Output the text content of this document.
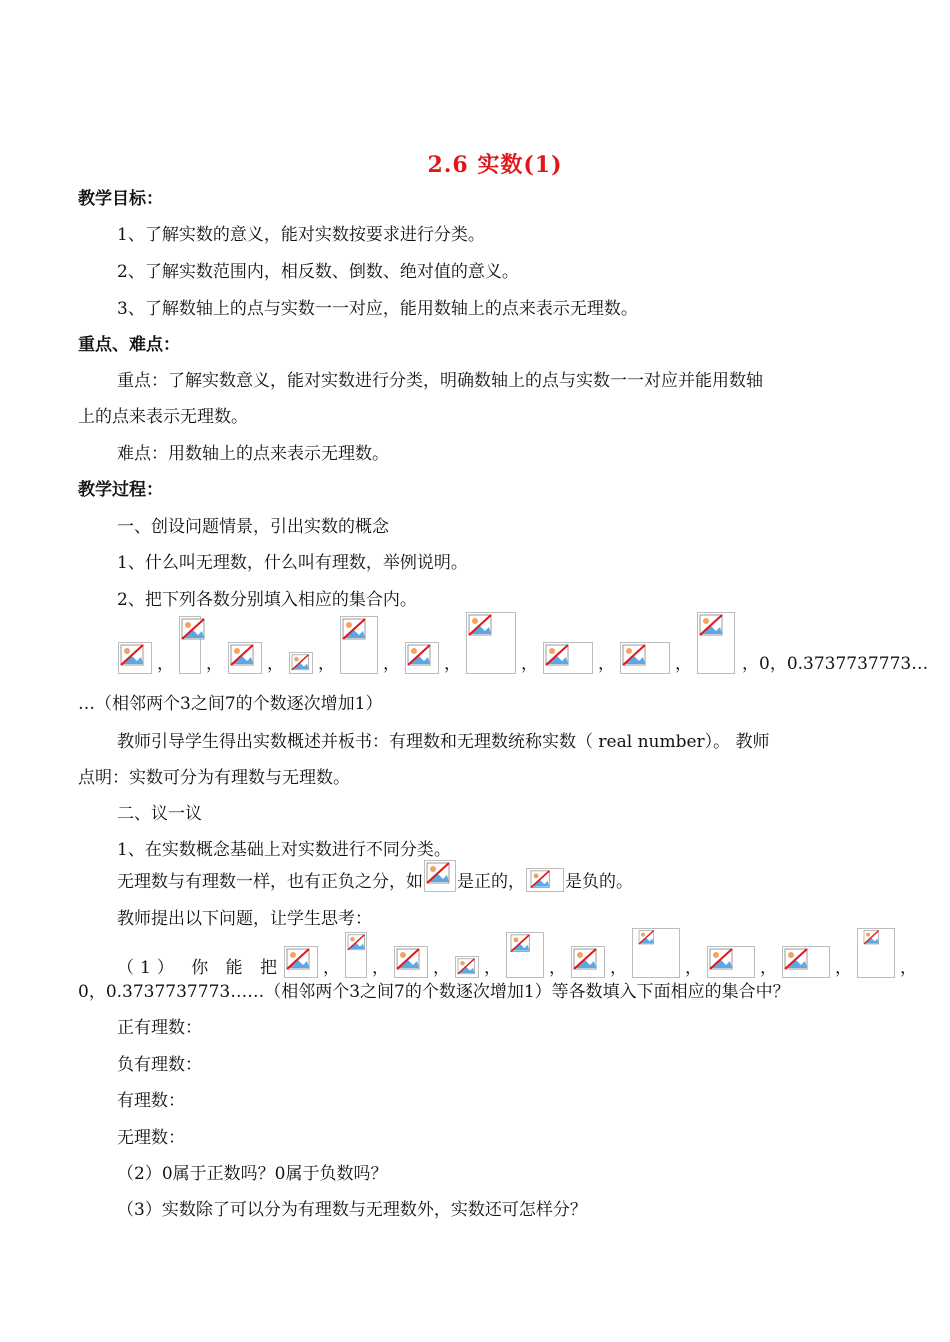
2.6 实数(1)
教学目标：
1、了解实数的意义，能对实数按要求进行分类。
2、了解实数范围内，相反数、倒数、绝对值的意义。
3、了解数轴上的点与实数一一对应，能用数轴上的点来表示无理数。
重点、难点：
重点：了解实数意义，能对实数进行分类，明确数轴上的点与实数一一对应并能用数轴
上的点来表示无理数。
难点：用数轴上的点来表示无理数。
教学过程：
一、创设问题情景，引出实数的概念
1、什么叫无理数，什么叫有理数，举例说明。
2、把下列各数分别填入相应的集合内。
， ，	， ，	，	，	，	，	，	，0，0.3737737773…
…（相邻两个3之间7的个数逐次增加1）
教师引导学生得出实数概述并板书：有理数和无理数统称实数（ real number）。 教师
点明：实数可分为有理数与无理数。
二、议一议
1、在实数概念基础上对实数进行不同分类。
无理数与有理数一样，也有正负之分，如 是正的， 是负的。
教师提出以下问题，让学生思考：
（1） 你 能 把 ， ，	， ，	，	，	，	，	，	，
0，0.3737737773……（相邻两个3之间7的个数逐次增加1）等各数填入下面相应的集合中？
正有理数：
负有理数：
有理数：
无理数：
（2）0属于正数吗？0属于负数吗？
（3）实数除了可以分为有理数与无理数外，实数还可怎样分？
